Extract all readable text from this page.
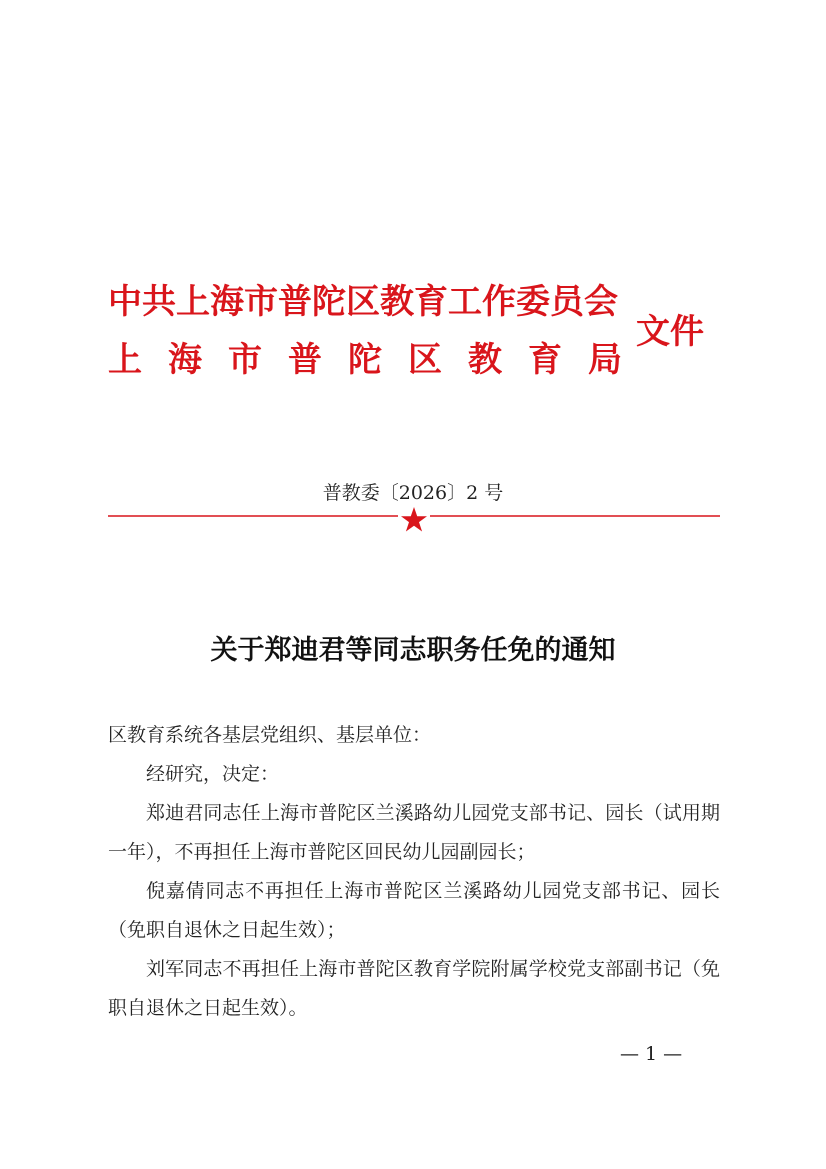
中共上海市普陀区教育工作委员会
上海市普陀区教育局
文件
普教委〔2026〕2 号
关于郑迪君等同志职务任免的通知

区教育系统各基层党组织、基层单位：

经研究，决定：

郑迪君同志任上海市普陀区兰溪路幼儿园党支部书记、园长（试用期一年），不再担任上海市普陀区回民幼儿园副园长；

倪嘉倩同志不再担任上海市普陀区兰溪路幼儿园党支部书记、园长（免职自退休之日起生效）；

刘军同志不再担任上海市普陀区教育学院附属学校党支部副书记（免职自退休之日起生效）。

— 1 —
